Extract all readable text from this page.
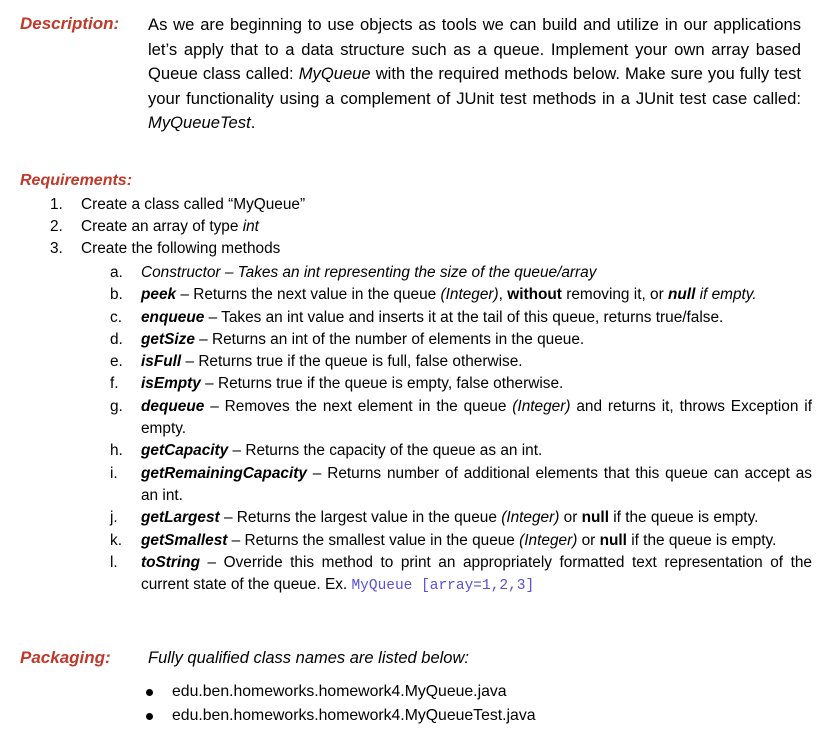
Description: As we are beginning to use objects as tools we can build and utilize in our applications let’s apply that to a data structure such as a queue. Implement your own array based Queue class called: MyQueue with the required methods below. Make sure you fully test your functionality using a complement of JUnit test methods in a JUnit test case called: MyQueueTest.
Requirements:
1. Create a class called “MyQueue”
2. Create an array of type int
3. Create the following methods
a. Constructor – Takes an int representing the size of the queue/array
b. peek – Returns the next value in the queue (Integer), without removing it, or null if empty.
c. enqueue – Takes an int value and inserts it at the tail of this queue, returns true/false.
d. getSize – Returns an int of the number of elements in the queue.
e. isFull – Returns true if the queue is full, false otherwise.
f. isEmpty – Returns true if the queue is empty, false otherwise.
g. dequeue – Removes the next element in the queue (Integer) and returns it, throws Exception if empty.
h. getCapacity – Returns the capacity of the queue as an int.
i. getRemainingCapacity – Returns number of additional elements that this queue can accept as an int.
j. getLargest – Returns the largest value in the queue (Integer) or null if the queue is empty.
k. getSmallest – Returns the smallest value in the queue (Integer) or null if the queue is empty.
l. toString – Override this method to print an appropriately formatted text representation of the current state of the queue. Ex. MyQueue [array=1,2,3]
Packaging: Fully qualified class names are listed below:
edu.ben.homeworks.homework4.MyQueue.java
edu.ben.homeworks.homework4.MyQueueTest.java
